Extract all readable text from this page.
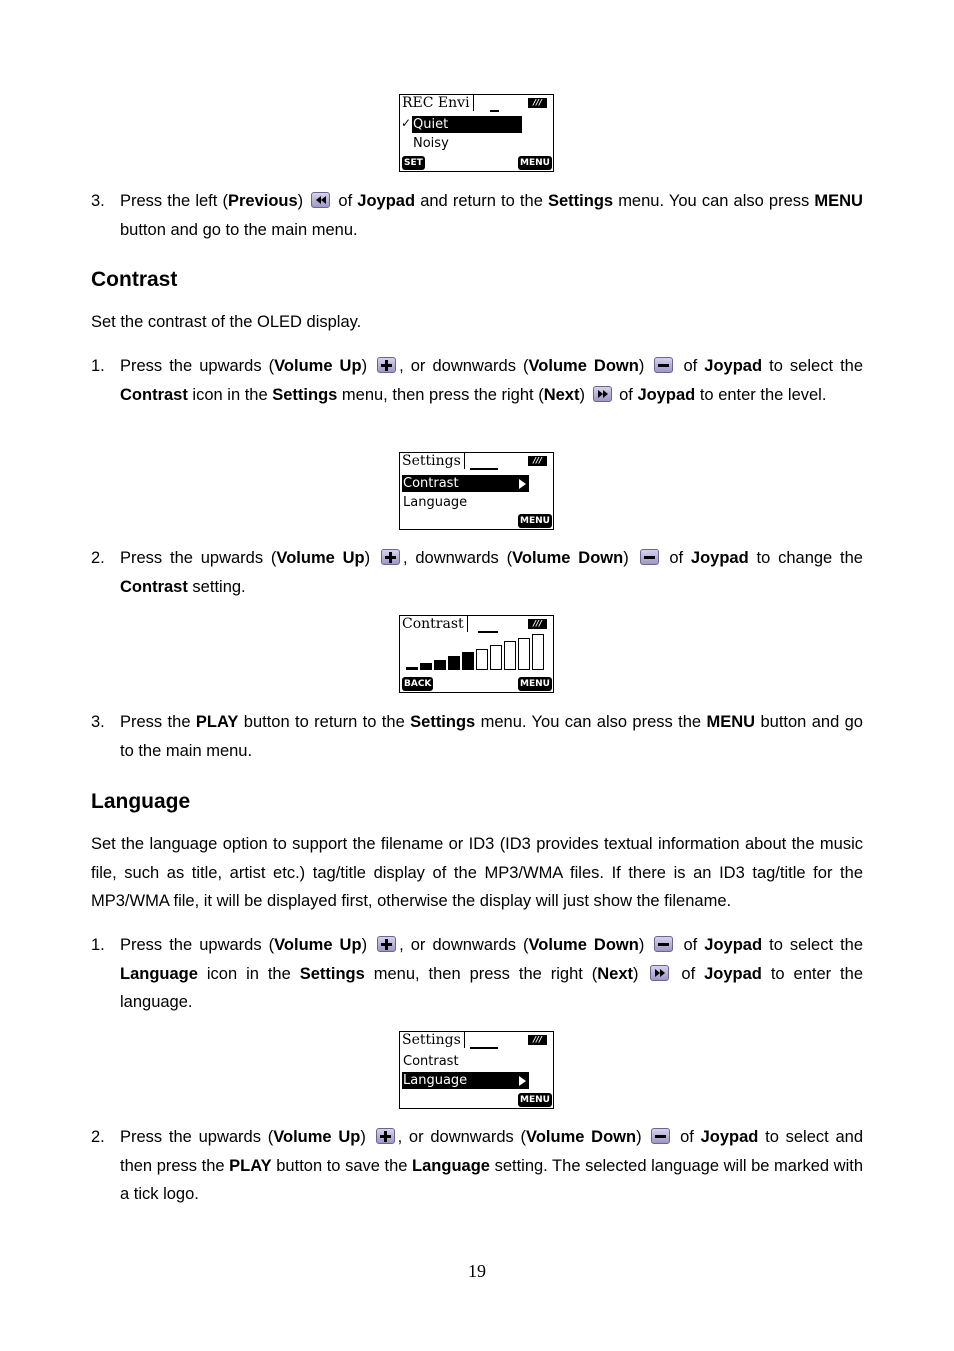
REC Envi	///
✓ Quiet
Noisy
SET	MENU
3. Press the left (Previous)  of Joypad and return to the Settings menu. You can also press MENU button and go to the main menu.
Contrast
Set the contrast of the OLED display.
1. Press the upwards (Volume Up) , or downwards (Volume Down)  of Joypad to select the Contrast icon in the Settings menu, then press the right (Next)  of Joypad to enter the level.
Settings	///
Contrast
Language
MENU
2. Press the upwards (Volume Up) , downwards (Volume Down)  of Joypad to change the Contrast setting.
Contrast	///
BACK	MENU
3. Press the PLAY button to return to the Settings menu. You can also press the MENU button and go to the main menu.
Language
Set the language option to support the filename or ID3 (ID3 provides textual information about the music file, such as title, artist etc.) tag/title display of the MP3/WMA files. If there is an ID3 tag/title for the MP3/WMA file, it will be displayed first, otherwise the display will just show the filename.
1. Press the upwards (Volume Up) , or downwards (Volume Down)  of Joypad to select the Language icon in the Settings menu, then press the right (Next)  of Joypad to enter the language.
Settings	///
Contrast
Language
MENU
2. Press the upwards (Volume Up) , or downwards (Volume Down)  of Joypad to select and then press the PLAY button to save the Language setting. The selected language will be marked with a tick logo.
19
